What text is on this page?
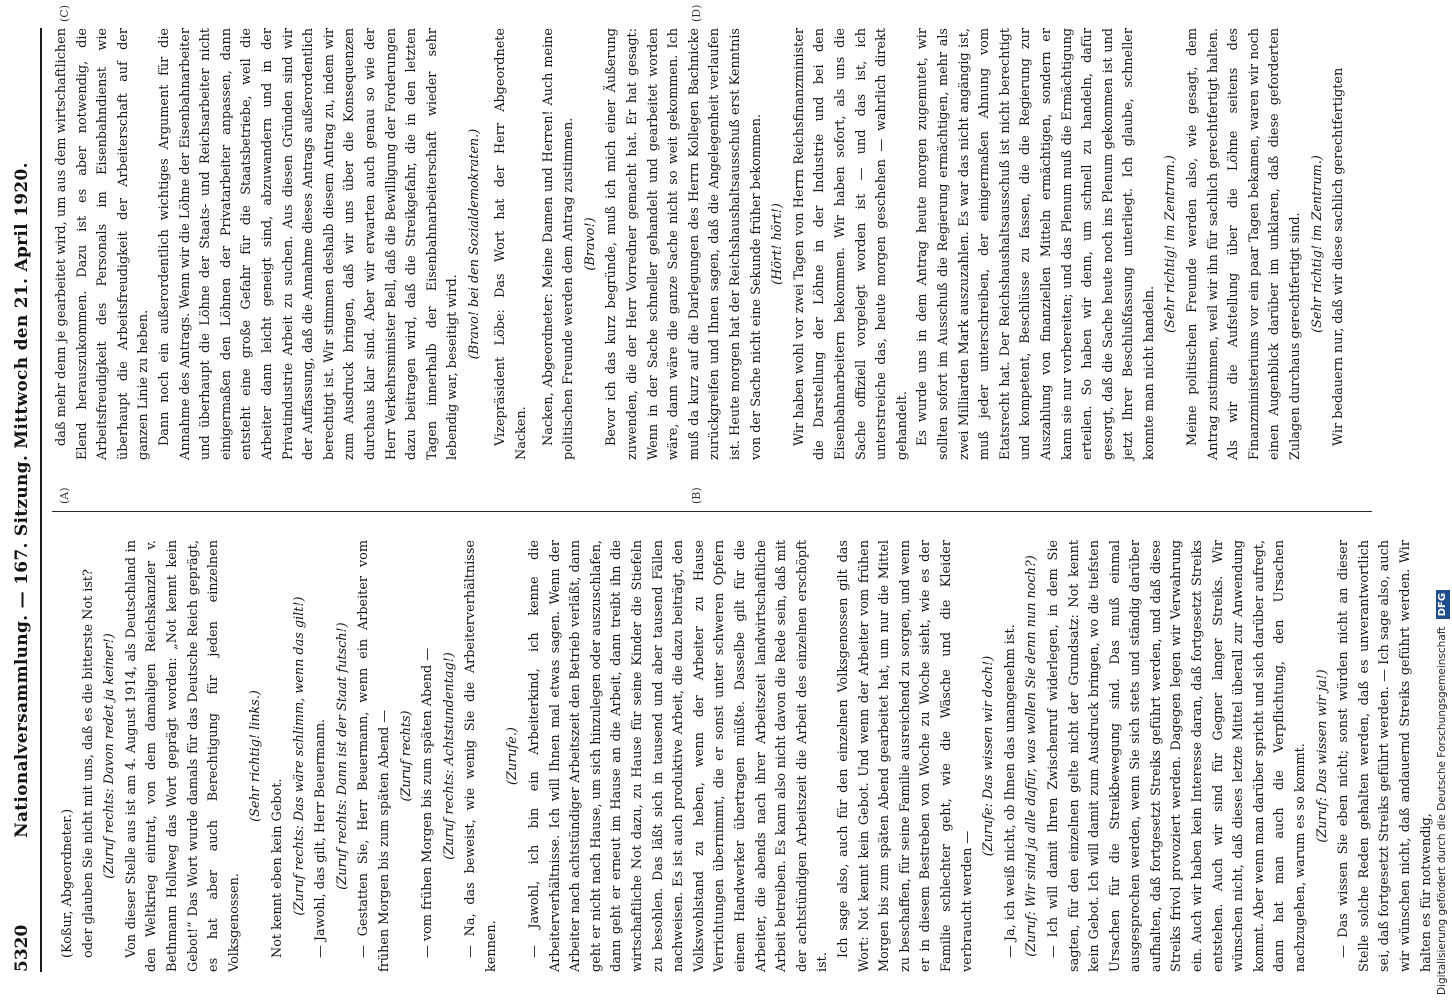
5320
Nationalversammlung. — 167. Sitzung. Mittwoch den 21. April 1920.

(Koßur, Abgeordneter.) oder glauben Sie nicht mit uns, daß es die bitterste Not ist? (Zuruf rechts: Davon redet ja keiner!) Von dieser Stelle aus ist am 4. August 1914, als Deutschland in den Weltkrieg eintrat, von dem damaligen Reichskanzler v. Bethmann Hollweg das Wort geprägt worden: „Not kennt kein Gebot!“ Das Wort wurde damals für das Deutsche Reich geprägt, es hat aber auch Berechtigung für jeden einzelnen Volksgenossen.

(Sehr richtig! links.)

Not kennt eben kein Gebot. (Zuruf rechts: Das wäre schlimm, wenn das gilt!) — Jawohl, das gilt, Herr Beuermann. (Zuruf rechts: Dann ist der Staat futsch!) — Gestatten Sie, Herr Beuermann, wenn ein Arbeiter vom frühen Morgen bis zum späten Abend — (Zuruf rechts) — vom frühen Morgen bis zum späten Abend — (Zuruf rechts: Achtstundentag!) — Na, das beweist, wie wenig Sie die Arbeiterverhältnisse kennen.

(Zurufe.) — Jawohl, ich bin ein Arbeiterkind, ich kenne die Arbeiterverhältnisse. Ich will Ihnen mal etwas sagen. Wenn der Arbeiter nach achtstündiger Arbeitszeit den Betrieb verläßt, dann geht er nicht nach Hause, um sich hinzulegen oder auszuschlafen, dann geht er erneut im Hause an die Arbeit, dann treibt ihn die wirtschaftliche Not dazu, zu Hause für seine Kinder die Stiefeln zu besohlen. Das läßt sich in tausend und aber tausend Fällen nachweisen. Es ist auch produktive Arbeit, die dazu beiträgt, den Volkswohlstand zu heben, wenn der Arbeiter zu Hause Verrichtungen übernimmt, die er sonst unter schweren Opfern einem Handwerker übertragen müßte. Dasselbe gilt für die Arbeiter, die abends nach ihrer Arbeitszeit landwirtschaftliche Arbeit betreiben. Es kann also nicht davon die Rede sein, daß mit der achtstündigen Arbeitszeit die Arbeit des einzelnen erschöpft ist.

Ich sage also, auch für den einzelnen Volksgenossen gilt das Wort: Not kennt kein Gebot. Und wenn der Arbeiter vom frühen Morgen bis zum späten Abend gearbeitet hat, um nur die Mittel zu beschaffen, für seine Familie ausreichend zu sorgen, und wenn er in diesem Bestreben von Woche zu Woche sieht, wie es der Familie schlechter geht, wie die Wäsche und die Kleider verbraucht werden —

(Zurufe: Das wissen wir doch!) — Ja, ich weiß nicht, ob Ihnen das unangenehm ist. (Zuruf: Wir sind ja alle dafür, was wollen Sie denn nun noch?) — Ich will damit Ihren Zwischenruf widerlegen, in dem Sie sagten, für den einzelnen gelte nicht der Grundsatz: Not kennt kein Gebot. Ich will damit zum Ausdruck bringen, wo die tiefsten Ursachen für die Streikbewegung sind. Das muß einmal ausgesprochen werden, wenn Sie sich stets und ständig darüber aufhalten, daß fortgesetzt Streiks geführt werden, und daß diese Streiks frivol provoziert werden. Dagegen legen wir Verwahrung ein. Auch wir haben kein Interesse daran, daß fortgesetzt Streiks entstehen. Auch wir sind für Gegner langer Streiks. Wir wünschen nicht, daß dieses letzte Mittel überall zur Anwendung kommt. Aber wenn man darüber spricht und sich darüber aufregt, dann hat man auch die Verpflichtung, den Ursachen nachzugehen, warum es so kommt. (Zuruf: Das wissen wir ja!) — Das wissen Sie eben nicht; sonst würden nicht an dieser Stelle solche Reden gehalten werden, daß es unverantwortlich sei, daß fortgesetzt Streiks geführt werden. — Ich sage also, auch wir wünschen nicht, daß andauernd Streiks geführt werden. Wir halten es für notwendig,

daß mehr denn je gearbeitet wird, um aus dem wirtschaftlichen Elend herauszukommen. Dazu ist es aber notwendig, die Arbeitsfreudigkeit des Personals im Eisenbahndienst wie überhaupt die Arbeitsfreudigkeit der Arbeiterschaft auf der ganzen Linie zu heben. Dann noch ein außerordentlich wichtiges Argument für die Annahme des Antrags. Wenn wir die Löhne der Eisenbahnarbeiter und überhaupt die Löhne der Staats- und Reichsarbeiter nicht einigermaßen den Löhnen der Privatarbeiter anpassen, dann entsteht eine große Gefahr für die Staatsbetriebe, weil die Arbeiter dann leicht geneigt sind, abzuwandern und in der Privatindustrie Arbeit zu suchen. Aus diesen Gründen sind wir der Auffassung, daß die Annahme dieses Antrags außerordentlich berechtigt ist. Wir stimmen deshalb diesem Antrag zu, indem wir zum Ausdruck bringen, daß wir uns über die Konsequenzen durchaus klar sind. Aber wir erwarten auch genau so wie der Herr Verkehrsminister Bell, daß die Bewilligung der Forderungen dazu beitragen wird, daß die Streikgefahr, die in den letzten Tagen innerhalb der Eisenbahnarbeiterschaft wieder sehr lebendig war, beseitigt wird.

(Bravo! bei den Sozialdemokraten.) Vizepräsident Löbe: Das Wort hat der Herr Abgeordnete Nacken. Nacken, Abgeordneter: Meine Damen und Herren! Auch meine politischen Freunde werden dem Antrag zustimmen. (Bravo!) Bevor ich das kurz begründe, muß ich mich einer Äußerung zuwenden, die der Herr Vorredner gemacht hat. Er hat gesagt: Wenn in der Sache schneller gehandelt und gearbeitet worden wäre, dann wäre die ganze Sache nicht so weit gekommen. Ich muß da kurz auf die Darlegungen des Herrn Kollegen Bachnicke zurückgreifen und Ihnen sagen, daß die Angelegenheit verlaufen ist. Heute morgen hat der Reichshaushaltsausschuß erst Kenntnis von der Sache nicht eine Sekunde früher bekommen. (Hört! hört!) Wir haben wohl vor zwei Tagen von Herrn Reichsfinanzminister die Darstellung der Löhne in der Industrie und bei den Eisenbahnarbeitern bekommen. Wir haben sofort, als uns die Sache offiziell vorgelegt worden ist — und das ist, ich unterstreiche das, heute morgen geschehen — wahrlich direkt gehandelt. Es wurde uns in dem Antrag heute morgen zugemutet, wir sollten sofort im Ausschuß die Regierung ermächtigen, mehr als zwei Milliarden Mark auszuzahlen. Es war das nicht angängig ist, muß jeder unterschreiben, der einigermaßen Ahnung vom Etatsrecht hat. Der Reichshaushaltsausschuß ist nicht berechtigt und kompetent, Beschlüsse zu fassen, die die Regierung zur Auszahlung von finanziellen Mitteln ermächtigen, sondern er kann sie nur vorbereiten; und das Plenum muß die Ermächtigung erteilen. So haben wir denn, um schnell zu handeln, dafür gesorgt, daß die Sache heute noch ins Plenum gekommen ist und jetzt Ihrer Beschlußfassung unterliegt. Ich glaube, schneller konnte man nicht handeln.

(Sehr richtig! im Zentrum.) Meine politischen Freunde werden also, wie gesagt, dem Antrag zustimmen, weil wir ihn für sachlich gerechtfertigt halten. Als wir die Aufstellung über die Löhne seitens des Finanzministeriums vor ein paar Tagen bekamen, waren wir noch einen Augenblick darüber im unklaren, daß diese geforderten Zulagen durchaus gerechtfertigt sind. (Sehr richtig! im Zentrum.) Wir bedauern nur, daß wir diese sachlich gerechtfertigten

(A)	(B)
(C)	(D)
Digitalisierung gefördert durch die Deutsche Forschungsgemeinschaft DFG
